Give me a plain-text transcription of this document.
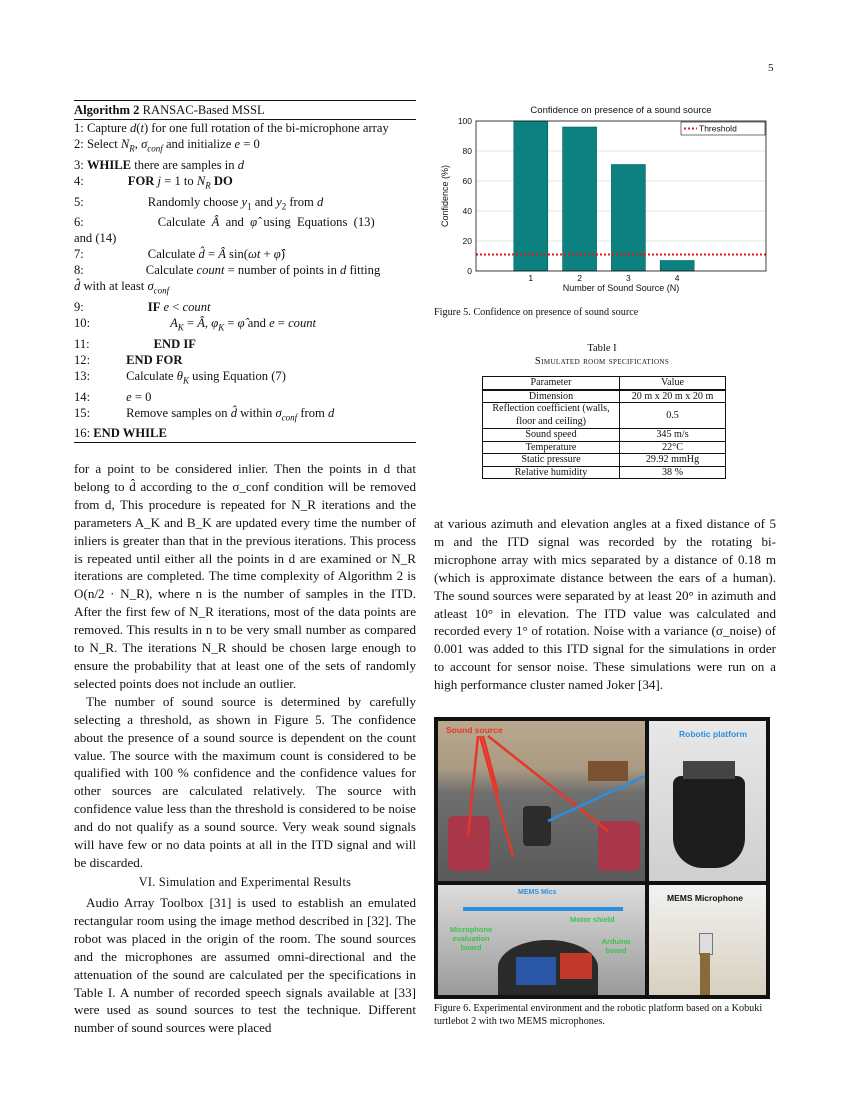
5
Algorithm 2 RANSAC-Based MSSL
1: Capture d(t) for one full rotation of the bi-microphone array
2: Select $N_R$, $\sigma_{conf}$ and initialize e = 0
3: WHILE there are samples in d
4:	FOR j = 1 to $N_R$ DO
5:	Randomly choose $y_1$ and $y_2$ from d
6:	Calculate  Â  and  φ̂  using  Equations  (13)
and (14)
7:	Calculate d̂ = Â sin(ωt + φ̂)
8:	Calculate count = number of points in d fitting
d̂ with at least $\sigma_{conf}$
9:	IF e < count
10:	$A_K$ = Â, $\varphi_K$ = φ̂ and e = count
11:	END IF
12:	END FOR
13:	Calculate $\theta_K$ using Equation (7)
14:	e = 0
15:	Remove samples on d̂ within $\sigma_{conf}$ from d
16: END WHILE

for a point to be considered inlier. Then the points in d that belong to d̂ according to the σ_conf condition will be removed from d, This procedure is repeated for N_R iterations and the parameters A_K and B_K are updated every time the number of inliers is greater than that in the previous iterations. This process is repeated until either all the points in d are examined or N_R iterations are completed. The time complexity of Algorithm 2 is O(n/2 · N_R), where n is the number of samples in the ITD. After the first few of N_R iterations, most of the data points are removed. This results in n to be very small number as compared to N_R. The iterations N_R should be chosen large enough to ensure the probability that at least one of the sets of randomly selected points does not include an outlier.

The number of sound source is determined by carefully selecting a threshold, as shown in Figure 5. The confidence about the presence of a sound source is dependent on the count value. The source with the maximum count is considered to be qualified with 100 % confidence and the confidence values for other sources are calculated relatively. The source with confidence value less than the threshold is considered to be noise and do not qualify as a sound source. Very weak sound signals will have few or no data points at all in the ITD signal and will be discarded.

VI. Simulation and Experimental Results

Audio Array Toolbox [31] is used to establish an emulated rectangular room using the image method described in [32]. The robot was placed in the origin of the room. The sound sources and the microphones are assumed omni-directional and the attenuation of the sound are calculated per the specifications in Table I. A number of recorded speech signals available at [33] were used as sound sources to test the technique. Different number of sound sources were placed

Confidence on presence of a sound source
0
20
40
60
80
100
1	2	3	4
Threshold
Number of Sound Source (N)
Confidence (%)
Figure 5. Confidence on presence of sound source
Table I
Simulated room specifications
Parameter	Value
Dimension	20 m x 20 m x 20 m
Reflection coefficient (walls, floor and ceiling)	0.5
Sound speed	345 m/s
Temperature	22°C
Static pressure	29.92 mmHg
Relative humidity	38 %

at various azimuth and elevation angles at a fixed distance of 5 m and the ITD signal was recorded by the rotating bi-microphone array with mics separated by a distance of 0.18 m (which is approximate distance between the ears of a human). The sound sources were separated by at least 20° in azimuth and atleast 10° in elevation. The ITD value was calculated and recorded every 1° of rotation. Noise with a variance (σ_noise) of 0.001 was added to this ITD signal for the simulations in order to account for sensor noise. These simulations were run on a high performance cluster named Joker [34].

Sound source	Robotic platform
MEMS Mics
Motor shield
Microphone evaluation board
Arduino board
MEMS Microphone
Figure 6. Experimental environment and the robotic platform based on a Kobuki turtlebot 2 with two MEMS microphones.
